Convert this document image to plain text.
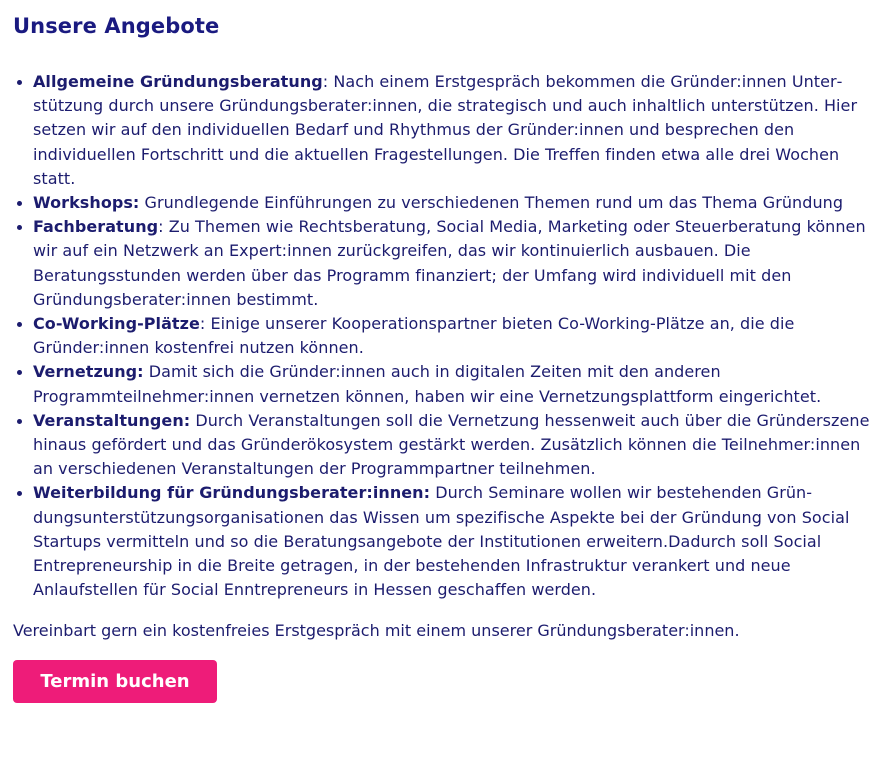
Unsere Angebote
Allgemeine Gründungsberatung: Nach einem Erstgespräch bekommen die Gründer:innen Unterstützung durch unsere Gründungsberater:innen, die strategisch und auch inhaltlich unterstützen. Hier setzen wir auf den individuellen Bedarf und Rhythmus der Gründer:innen und besprechen den individuellen Fortschritt und die aktuellen Fragestellungen. Die Treffen finden etwa alle drei Wochen statt.
Workshops: Grundlegende Einführungen zu verschiedenen Themen rund um das Thema Gründung
Fachberatung: Zu Themen wie Rechtsberatung, Social Media, Marketing oder Steuerberatung können wir auf ein Netzwerk an Expert:innen zurückgreifen, das wir kontinuierlich ausbauen. Die Beratungsstunden werden über das Programm finanziert; der Umfang wird individuell mit den Gründungsberater:innen bestimmt.
Co-Working-Plätze: Einige unserer Kooperationspartner bieten Co-Working-Plätze an, die die Gründer:innen kostenfrei nutzen können.
Vernetzung: Damit sich die Gründer:innen auch in digitalen Zeiten mit den anderen Programmteilnehmer:innen vernetzen können, haben wir eine Vernetzungsplattform eingerichtet.
Veranstaltungen: Durch Veranstaltungen soll die Vernetzung hessenweit auch über die Gründerszene hinaus gefördert und das Gründerökosystem gestärkt werden. Zusätzlich können die Teilnehmer:innen an verschiedenen Veranstaltungen der Programmpartner teilnehmen.
Weiterbildung für Gründungsberater:innen: Durch Seminare wollen wir bestehenden Gründungsunterstützungsorganisationen das Wissen um spezifische Aspekte bei der Gründung von Social Startups vermitteln und so die Beratungsangebote der Institutionen erweitern.Dadurch soll Social Entrepreneurship in die Breite getragen, in der bestehenden Infrastruktur verankert und neue Anlaufstellen für Social Enntrepreneurs in Hessen geschaffen werden.

Vereinbart gern ein kostenfreies Erstgespräch mit einem unserer Gründungsberater:innen.

Termin buchen
